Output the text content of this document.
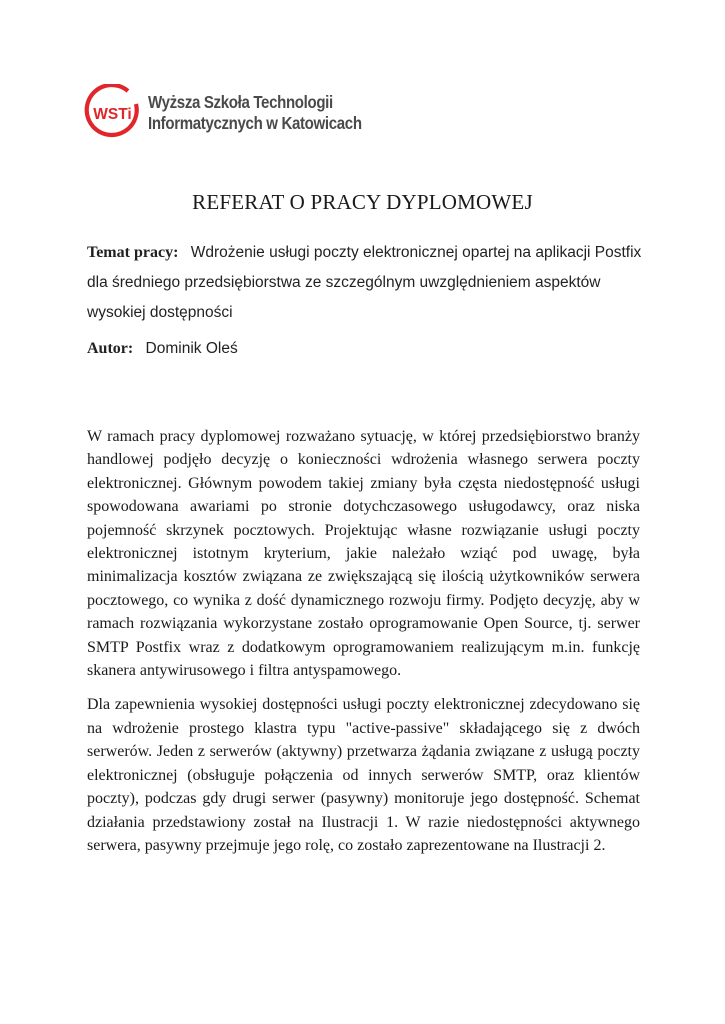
WSTi
Wyższa Szkoła Technologii
Informatycznych w Katowicach
REFERAT O PRACY DYPLOMOWEJ
Temat pracy: Wdrożenie usługi poczty elektronicznej opartej na aplikacji Postfix dla średniego przedsiębiorstwa ze szczególnym uwzględnieniem aspektów wysokiej dostępności
Autor: Dominik Oleś

W ramach pracy dyplomowej rozważano sytuację, w której przedsiębiorstwo branży handlowej podjęło decyzję o konieczności wdrożenia własnego serwera poczty elektronicznej. Głównym powodem takiej zmiany była częsta niedostępność usługi spowodowana awariami po stronie dotychczasowego usługodawcy, oraz niska pojemność skrzynek pocztowych. Projektując własne rozwiązanie usługi poczty elektronicznej istotnym kryterium, jakie należało wziąć pod uwagę, była minimalizacja kosztów związana ze zwiększającą się ilością użytkowników serwera pocztowego, co wynika z dość dynamicznego rozwoju firmy. Podjęto decyzję, aby w ramach rozwiązania wykorzystane zostało oprogramowanie Open Source, tj. serwer SMTP Postfix wraz z dodatkowym oprogramowaniem realizującym m.in. funkcję skanera antywirusowego i filtra antyspamowego.

Dla zapewnienia wysokiej dostępności usługi poczty elektronicznej zdecydowano się na wdrożenie prostego klastra typu "active-passive" składającego się z dwóch serwerów. Jeden z serwerów (aktywny) przetwarza żądania związane z usługą poczty elektronicznej (obsługuje połączenia od innych serwerów SMTP, oraz klientów poczty), podczas gdy drugi serwer (pasywny) monitoruje jego dostępność. Schemat działania przedstawiony został na Ilustracji 1. W razie niedostępności aktywnego serwera, pasywny przejmuje jego rolę, co zostało zaprezentowane na Ilustracji 2.
